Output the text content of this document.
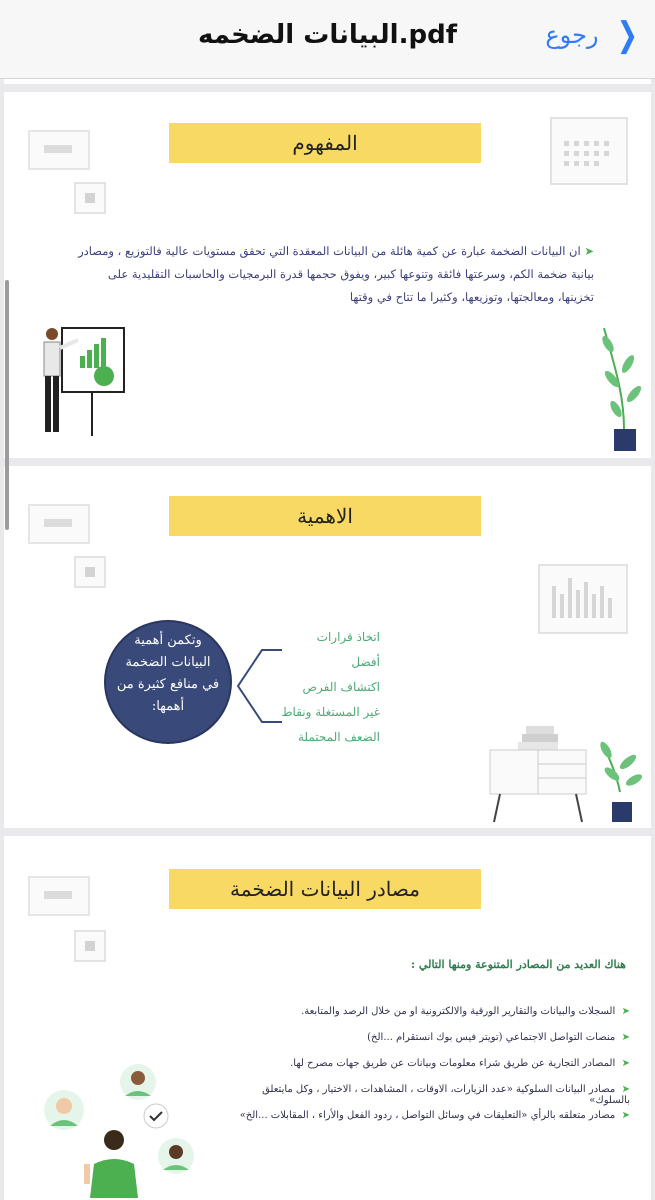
البيانات الضخمه.pdf	رجوع ❯
المفهوم
➤ ان البيانات الضخمة عبارة عن كمية هائلة من البيانات المعقدة التي تحقق مستويات عالية فالتوزيع ، ومصادر
بيانية ضخمة الكم، وسرعتها فائقة وتنوعها كبير، ويفوق حجمها قدرة البرمجيات والحاسبات التقليدية على
تخزينها، ومعالجتها، وتوزيعها، وكثيرا ما تتاح في وقتها
الاهمية
وتكمن أهمية
البيانات الضخمة
في منافع كثيرة من
أهمها:
اتخاذ قرارات
أفضل
اكتشاف الفرص
غير المستغلة ونقاط
الضعف المحتملة
مصادر البيانات الضخمة
هناك العديد من المصادر المتنوعة ومنها التالي :
➤  السجلات والبيانات والتقارير الورقية والالكترونية او من خلال الرصد والمتابعة.
➤  منصات التواصل الاجتماعي (تويتر فيس بوك انستقرام ...الخ)
➤  المصادر التجارية عن طريق شراء معلومات وبيانات عن طريق جهات مصرح لها.
➤  مصادر البيانات السلوكية «عدد الزيارات، الاوقات ، المشاهدات ، الاختيار ، وكل مايتعلق بالسلوك»
➤  مصادر متعلقه بالرأي «التعليقات في وسائل التواصل ، ردود الفعل والأراء ، المقابلات ...الخ»
